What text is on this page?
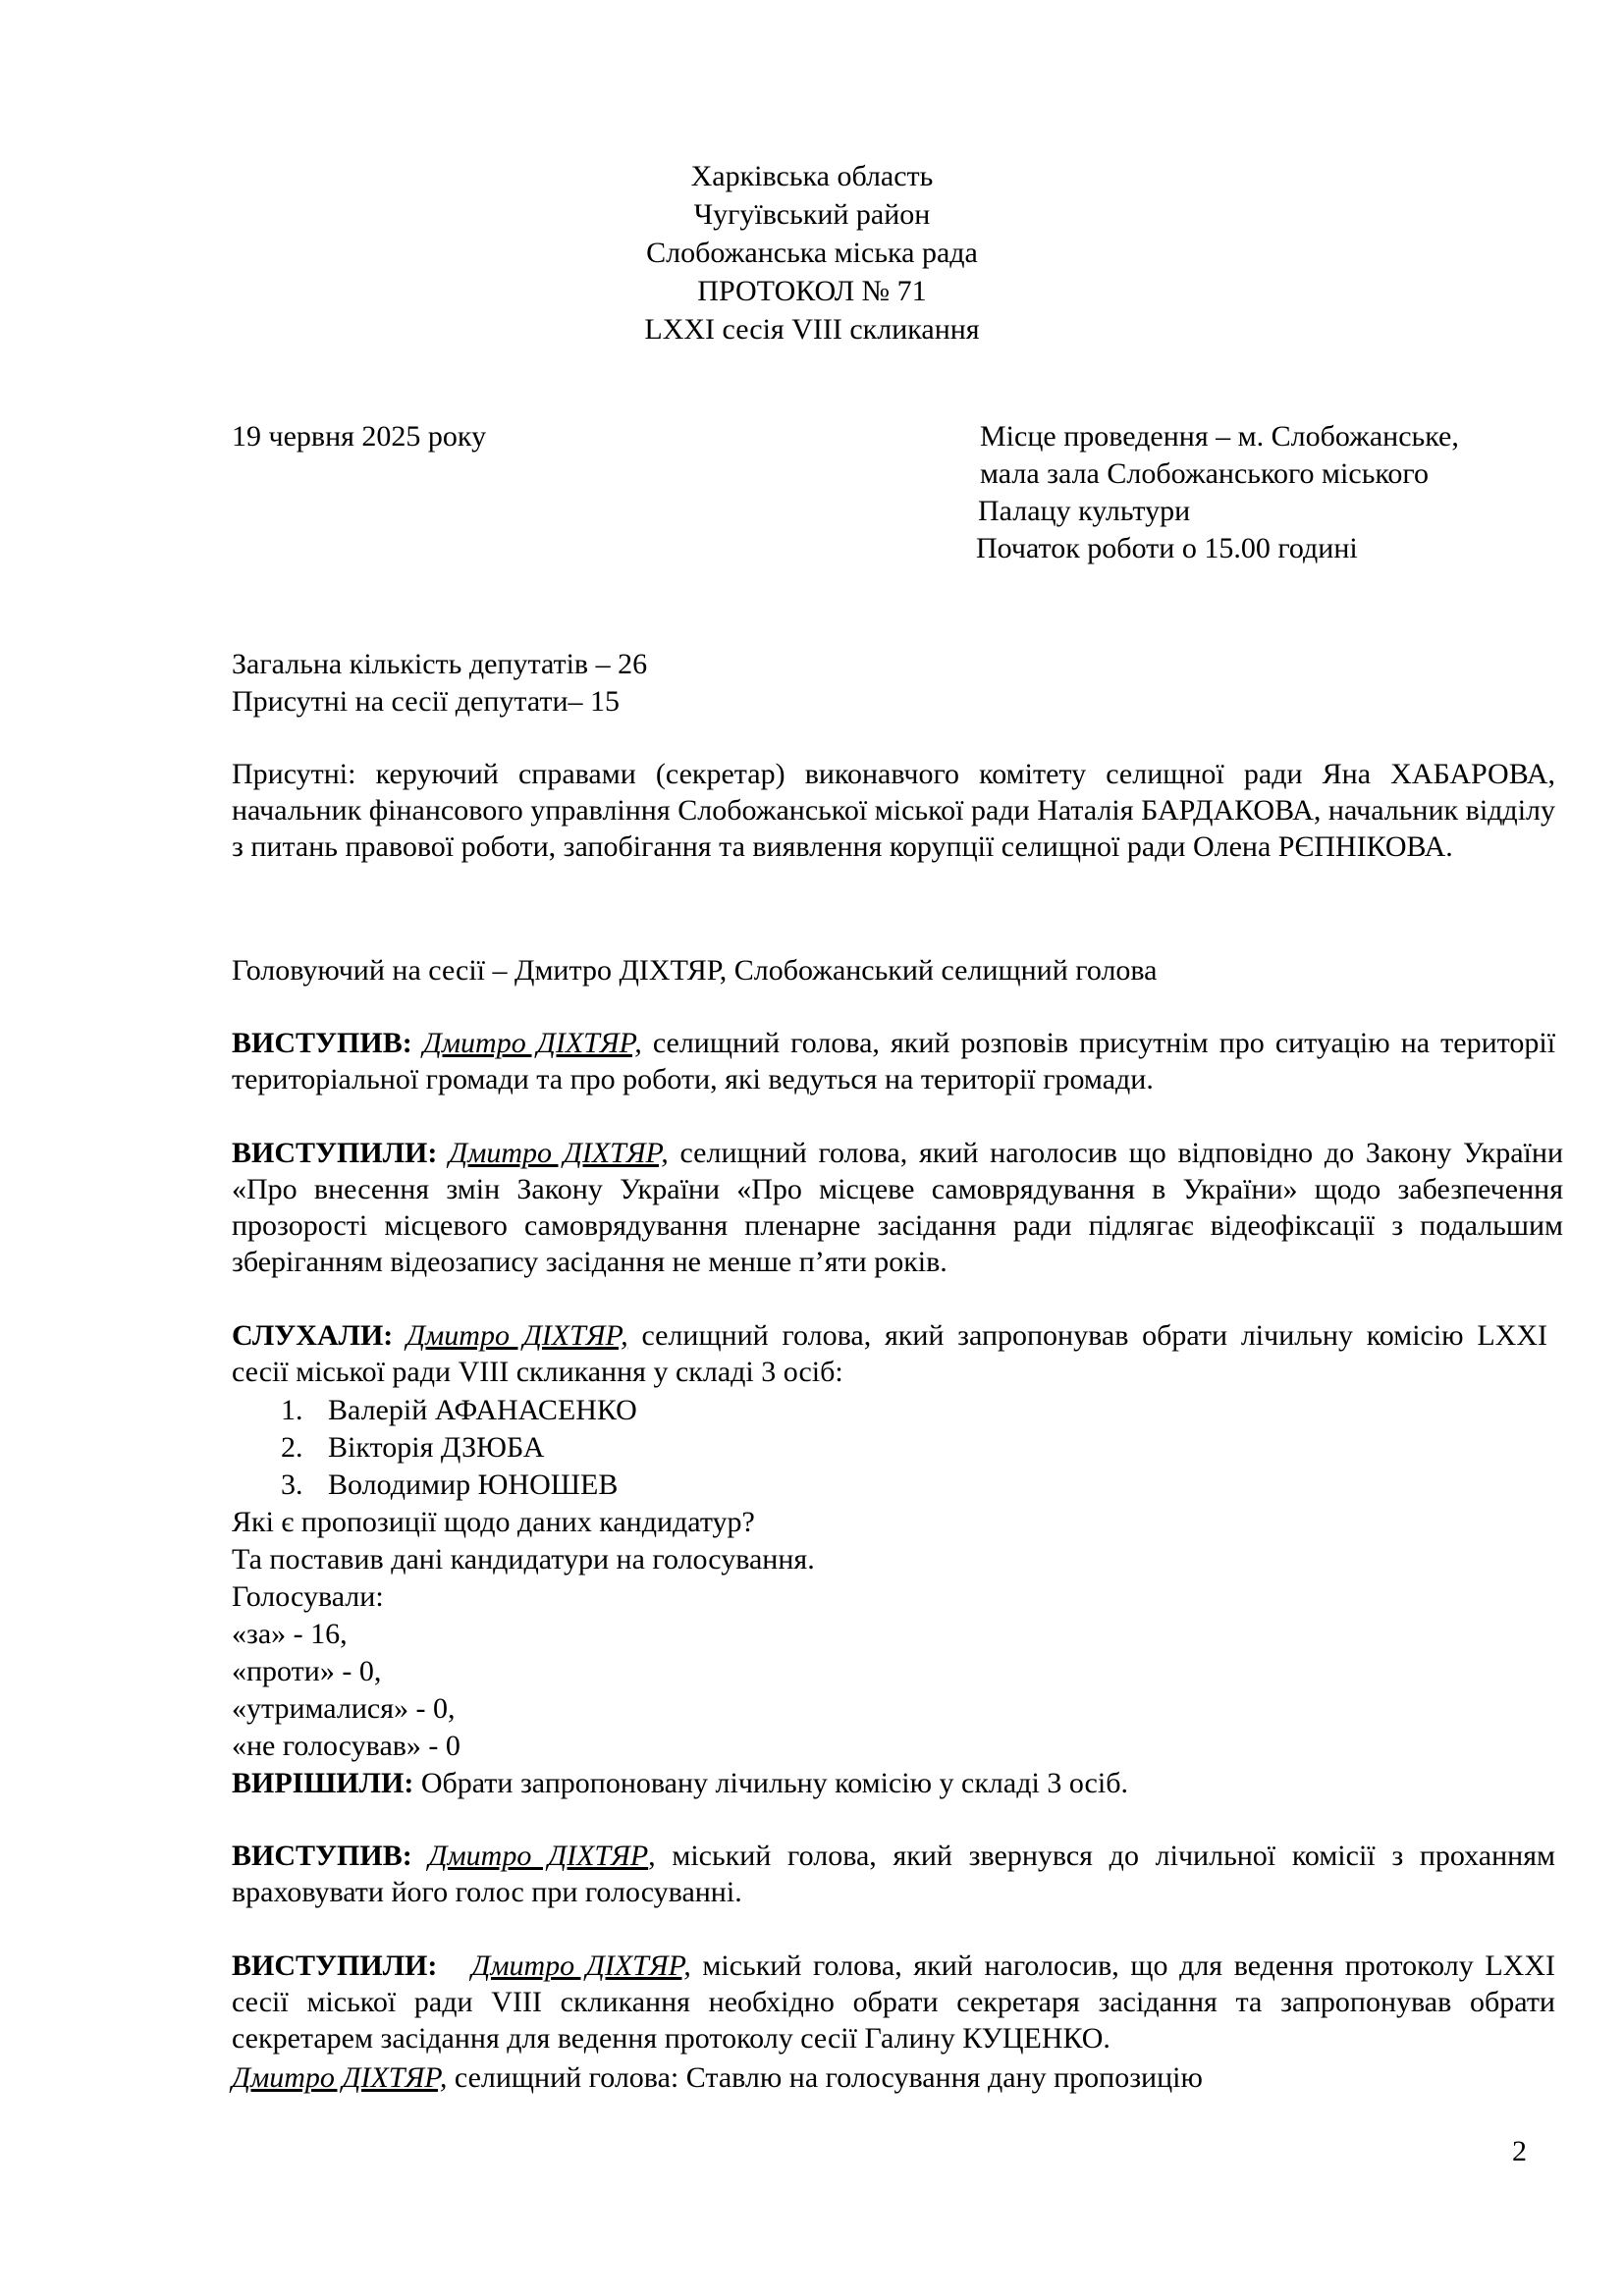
Харківська область
Чугуївський район
Слобожанська міська рада
ПРОТОКОЛ № 71
LXXI сесія VIII скликання
19 червня 2025 року	Місце проведення – м. Слобожанське,
мала зала Слобожанського міського
Палацу культури
Початок роботи о 15.00 годині
Загальна кількість депутатів – 26
Присутні на сесії депутати– 15
Присутні: керуючий справами (секретар) виконавчого комітету селищної ради Яна ХАБАРОВА, начальник фінансового управління Слобожанської міської ради Наталія БАРДАКОВА, начальник відділу з питань правової роботи, запобігання та виявлення корупції селищної ради Олена РЄПНІКОВА.
Головуючий на сесії – Дмитро ДІХТЯР, Слобожанський селищний голова
ВИСТУПИВ: Дмитро ДІХТЯР, селищний голова, який розповів присутнім про ситуацію на території територіальної громади та про роботи, які ведуться на території громади.
ВИСТУПИЛИ: Дмитро ДІХТЯР, селищний голова, який наголосив що відповідно до Закону України «Про внесення змін Закону України «Про місцеве самоврядування в України» щодо забезпечення прозорості місцевого самоврядування пленарне засідання ради підлягає відеофіксації з подальшим зберіганням відеозапису засідання не менше п’яти років.
СЛУХАЛИ: Дмитро ДІХТЯР, селищний голова, який запропонував обрати лічильну комісію LXXI сесії міської ради VIII скликання у складі 3 осіб:
1. Валерій АФАНАСЕНКО
2. Вікторія ДЗЮБА
3. Володимир ЮНОШЕВ
Які є пропозиції щодо даних кандидатур?
Та поставив дані кандидатури на голосування.
Голосували:
«за» - 16,
«проти» - 0,
«утрималися» - 0,
«не голосував» - 0
ВИРІШИЛИ: Обрати запропоновану лічильну комісію у складі 3 осіб.
ВИСТУПИВ: Дмитро ДІХТЯР, міський голова, який звернувся до лічильної комісії з проханням враховувати його голос при голосуванні.
ВИСТУПИЛИ: Дмитро ДІХТЯР, міський голова, який наголосив, що для ведення протоколу LXXI сесії міської ради VIII скликання необхідно обрати секретаря засідання та запропонував обрати секретарем засідання для ведення протоколу сесії Галину КУЦЕНКО.
Дмитро ДІХТЯР, селищний голова: Ставлю на голосування дану пропозицію
2
